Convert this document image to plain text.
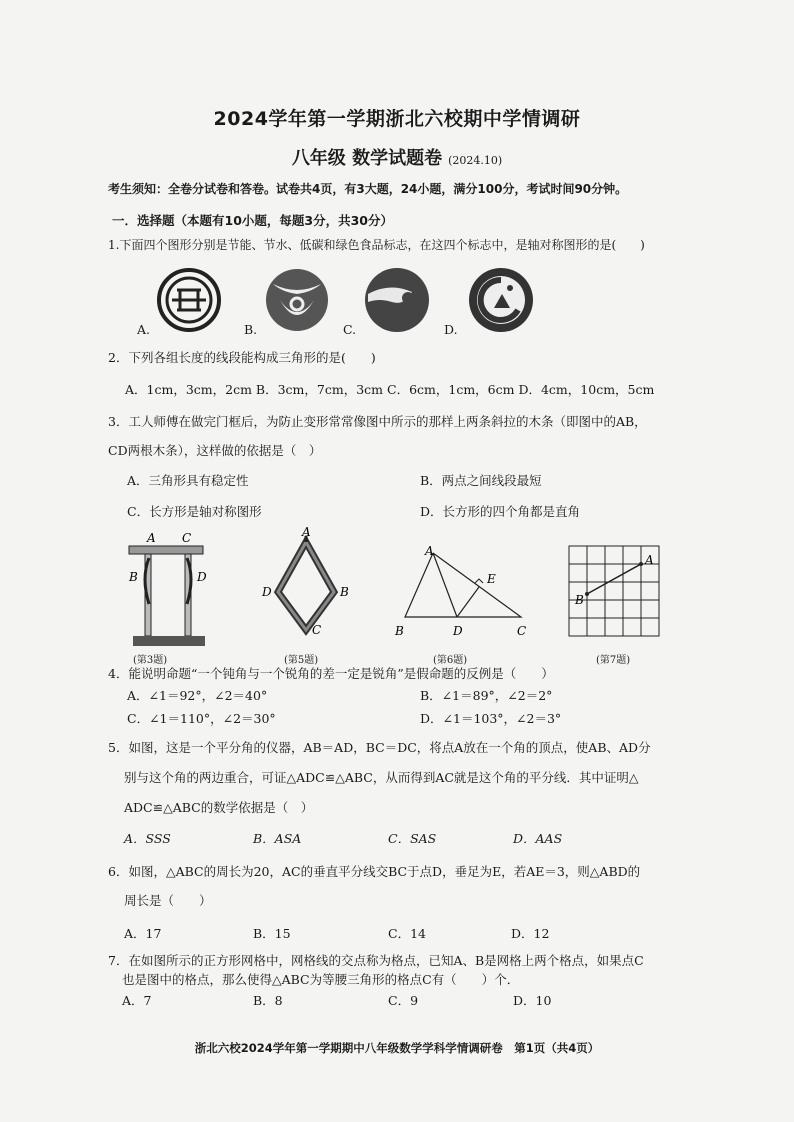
2024学年第一学期浙北六校期中学情调研
八年级 数学试题卷 (2024.10)
考生须知：全卷分试卷和答卷。试卷共4页，有3大题，24小题，满分100分，考试时间90分钟。
一．选择题（本题有10小题，每题3分，共30分）
1.下面四个图形分别是节能、节水、低碳和绿色食品标志，在这四个标志中，是轴对称图形的是(　　)
A.	B.	C.	D.
2．下列各组长度的线段能构成三角形的是(　　)
A．1cm，3cm，2cm B．3cm，7cm，3cm C．6cm，1cm，6cm D．4cm，10cm，5cm
3．工人师傅在做完门框后，为防止变形常常像图中所示的那样上两条斜拉的木条（即图中的AB，
CD两根木条），这样做的依据是（　）
A．三角形具有稳定性	B．两点之间线段最短
C．长方形是轴对称图形	D．长方形的四个角都是直角
A C
B	D
(第3题)
A
D	B
C
(第5题)
A
E
B	D	C
(第6题)
A
B
(第7题)
4．能说明命题“一个钝角与一个锐角的差一定是锐角”是假命题的反例是（　　）
A．∠1＝92°，∠2＝40°	B．∠1＝89°，∠2＝2°
C．∠1＝110°，∠2＝30°	D．∠1＝103°，∠2＝3°
5．如图，这是一个平分角的仪器，AB＝AD，BC＝DC，将点A放在一个角的顶点，使AB、AD分
别与这个角的两边重合，可证△ADC≌△ABC，从而得到AC就是这个角的平分线．其中证明△
ADC≌△ABC的数学依据是（　）
A．SSS	B．ASA	C．SAS	D．AAS
6．如图，△ABC的周长为20，AC的垂直平分线交BC于点D，垂足为E，若AE＝3，则△ABD的
周长是（　　）
A．17	B．15	C．14	D．12
7．在如图所示的正方形网格中，网格线的交点称为格点，已知A、B是网格上两个格点，如果点C
也是图中的格点，那么使得△ABC为等腰三角形的格点C有（　　）个．
A．7	B．8	C．9	D．10
浙北六校2024学年第一学期期中八年级数学学科学情调研卷　第1页（共4页）
